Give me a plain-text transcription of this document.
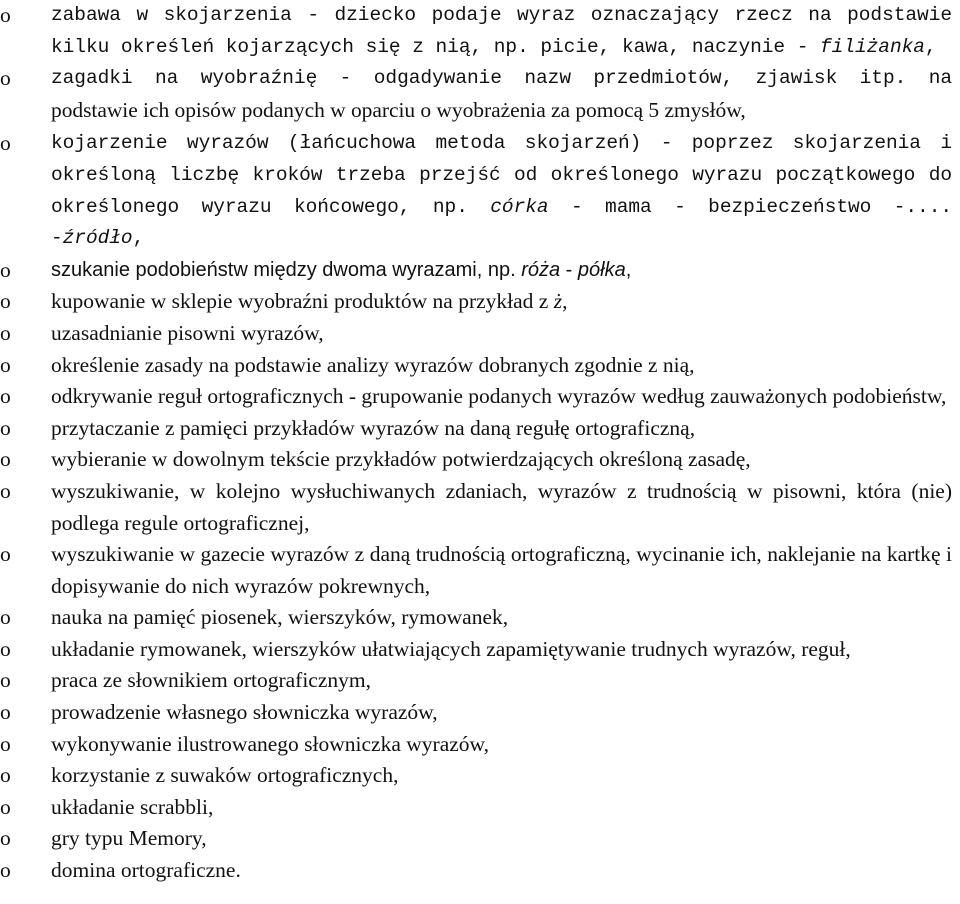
o	zabawa w skojarzenia - dziecko podaje wyraz oznaczający rzecz na podstawie kilku określeń kojarzących się z nią, np. picie, kawa, naczynie - filiżanka,
o	zagadki na wyobraźnię - odgadywanie nazw przedmiotów, zjawisk itp. na podstawie ich opisów podanych w oparciu o wyobrażenia za pomocą 5 zmysłów,
o	kojarzenie wyrazów (łańcuchowa metoda skojarzeń) - poprzez skojarzenia i określoną liczbę kroków trzeba przejść od określonego wyrazu początkowego do określonego wyrazu końcowego, np. córka - mama - bezpieczeństwo -.... -źródło,
o	szukanie podobieństw między dwoma wyrazami, np. róża - półka,
o	kupowanie w sklepie wyobraźni produktów na przykład z ż,
o	uzasadnianie pisowni wyrazów,
o	określenie zasady na podstawie analizy wyrazów dobranych zgodnie z nią,
o	odkrywanie reguł ortograficznych - grupowanie podanych wyrazów według zauważonych podobieństw,
o	przytaczanie z pamięci przykładów wyrazów na daną regułę ortograficzną,
o	wybieranie w dowolnym tekście przykładów potwierdzających określoną zasadę,
o	wyszukiwanie, w kolejno wysłuchiwanych zdaniach, wyrazów z trudnością w pisowni, która (nie) podlega regule ortograficznej,
o	wyszukiwanie w gazecie wyrazów z daną trudnością ortograficzną, wycinanie ich, naklejanie na kartkę i dopisywanie do nich wyrazów pokrewnych,
o	nauka na pamięć piosenek, wierszyków, rymowanek,
o	układanie rymowanek, wierszyków ułatwiających zapamiętywanie trudnych wyrazów, reguł,
o	praca ze słownikiem ortograficznym,
o	prowadzenie własnego słowniczka wyrazów,
o	wykonywanie ilustrowanego słowniczka wyrazów,
o	korzystanie z suwaków ortograficznych,
o	układanie scrabbli,
o	gry typu Memory,
o	domina ortograficzne.
